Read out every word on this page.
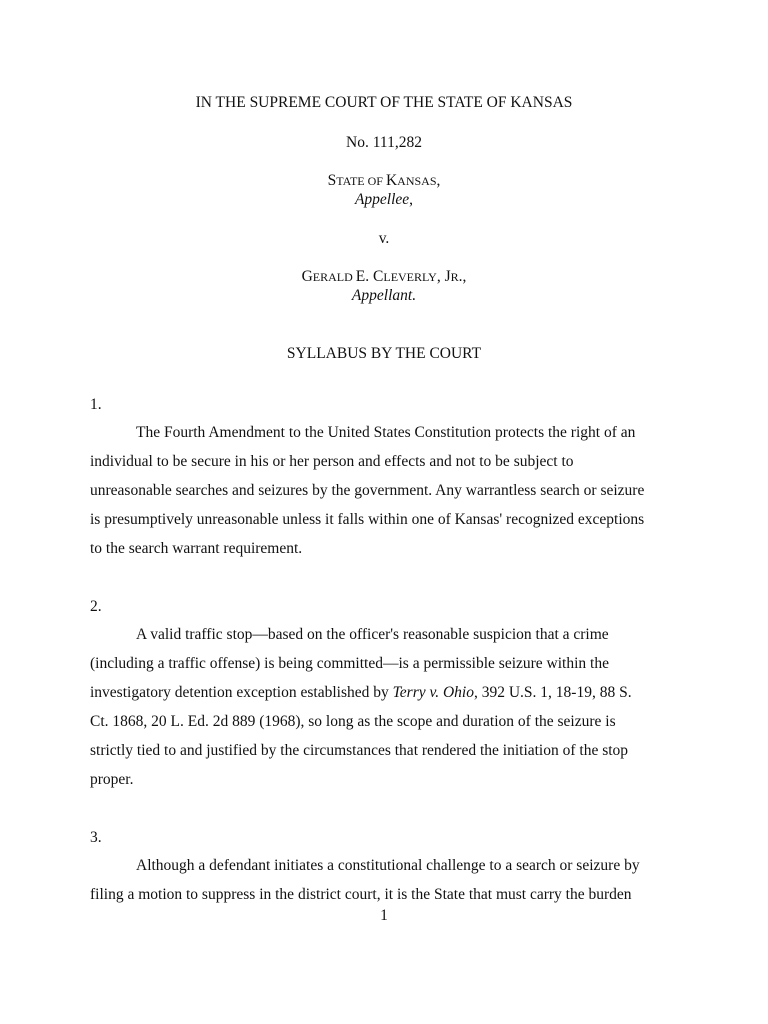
IN THE SUPREME COURT OF THE STATE OF KANSAS
No. 111,282
STATE OF KANSAS,
Appellee,
v.
GERALD E. CLEVERLY, JR.,
Appellant.
SYLLABUS BY THE COURT
1.
The Fourth Amendment to the United States Constitution protects the right of an
individual to be secure in his or her person and effects and not to be subject to
unreasonable searches and seizures by the government. Any warrantless search or seizure
is presumptively unreasonable unless it falls within one of Kansas' recognized exceptions
to the search warrant requirement.
2.
A valid traffic stop—based on the officer's reasonable suspicion that a crime
(including a traffic offense) is being committed—is a permissible seizure within the
investigatory detention exception established by Terry v. Ohio, 392 U.S. 1, 18-19, 88 S.
Ct. 1868, 20 L. Ed. 2d 889 (1968), so long as the scope and duration of the seizure is
strictly tied to and justified by the circumstances that rendered the initiation of the stop
proper.
3.
Although a defendant initiates a constitutional challenge to a search or seizure by
filing a motion to suppress in the district court, it is the State that must carry the burden
1
